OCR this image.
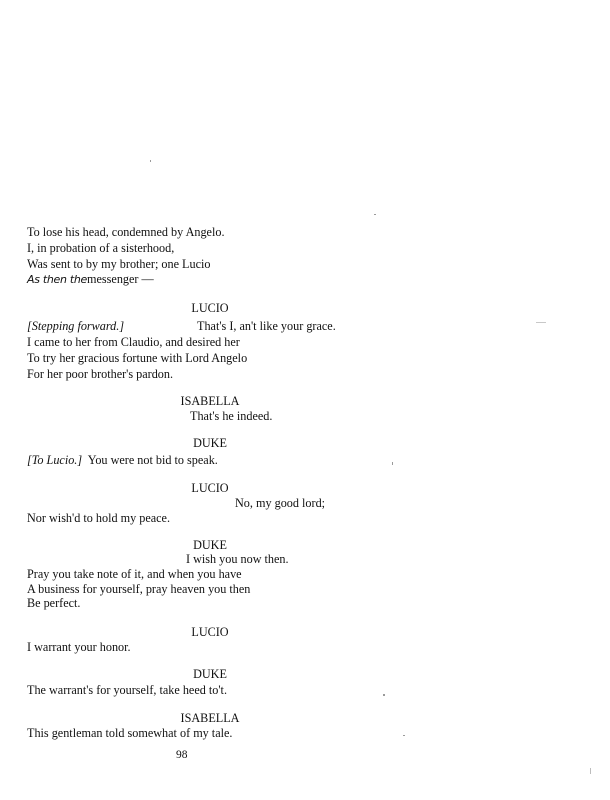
To lose his head, condemned by Angelo.
I, in probation of a sisterhood,
Was sent to by my brother; one Lucio
As then themessenger —
LUCIO
[Stepping forward.]	That's I, an't like your grace.
I came to her from Claudio, and desired her
To try her gracious fortune with Lord Angelo
For her poor brother's pardon.
ISABELLA
That's he indeed.
DUKE
[To Lucio.] You were not bid to speak.
LUCIO
No, my good lord;
Nor wish'd to hold my peace.
DUKE
I wish you now then.
Pray you take note of it, and when you have
A business for yourself, pray heaven you then
Be perfect.
LUCIO
I warrant your honor.
DUKE
The warrant's for yourself, take heed to't.
ISABELLA
This gentleman told somewhat of my tale.
98
